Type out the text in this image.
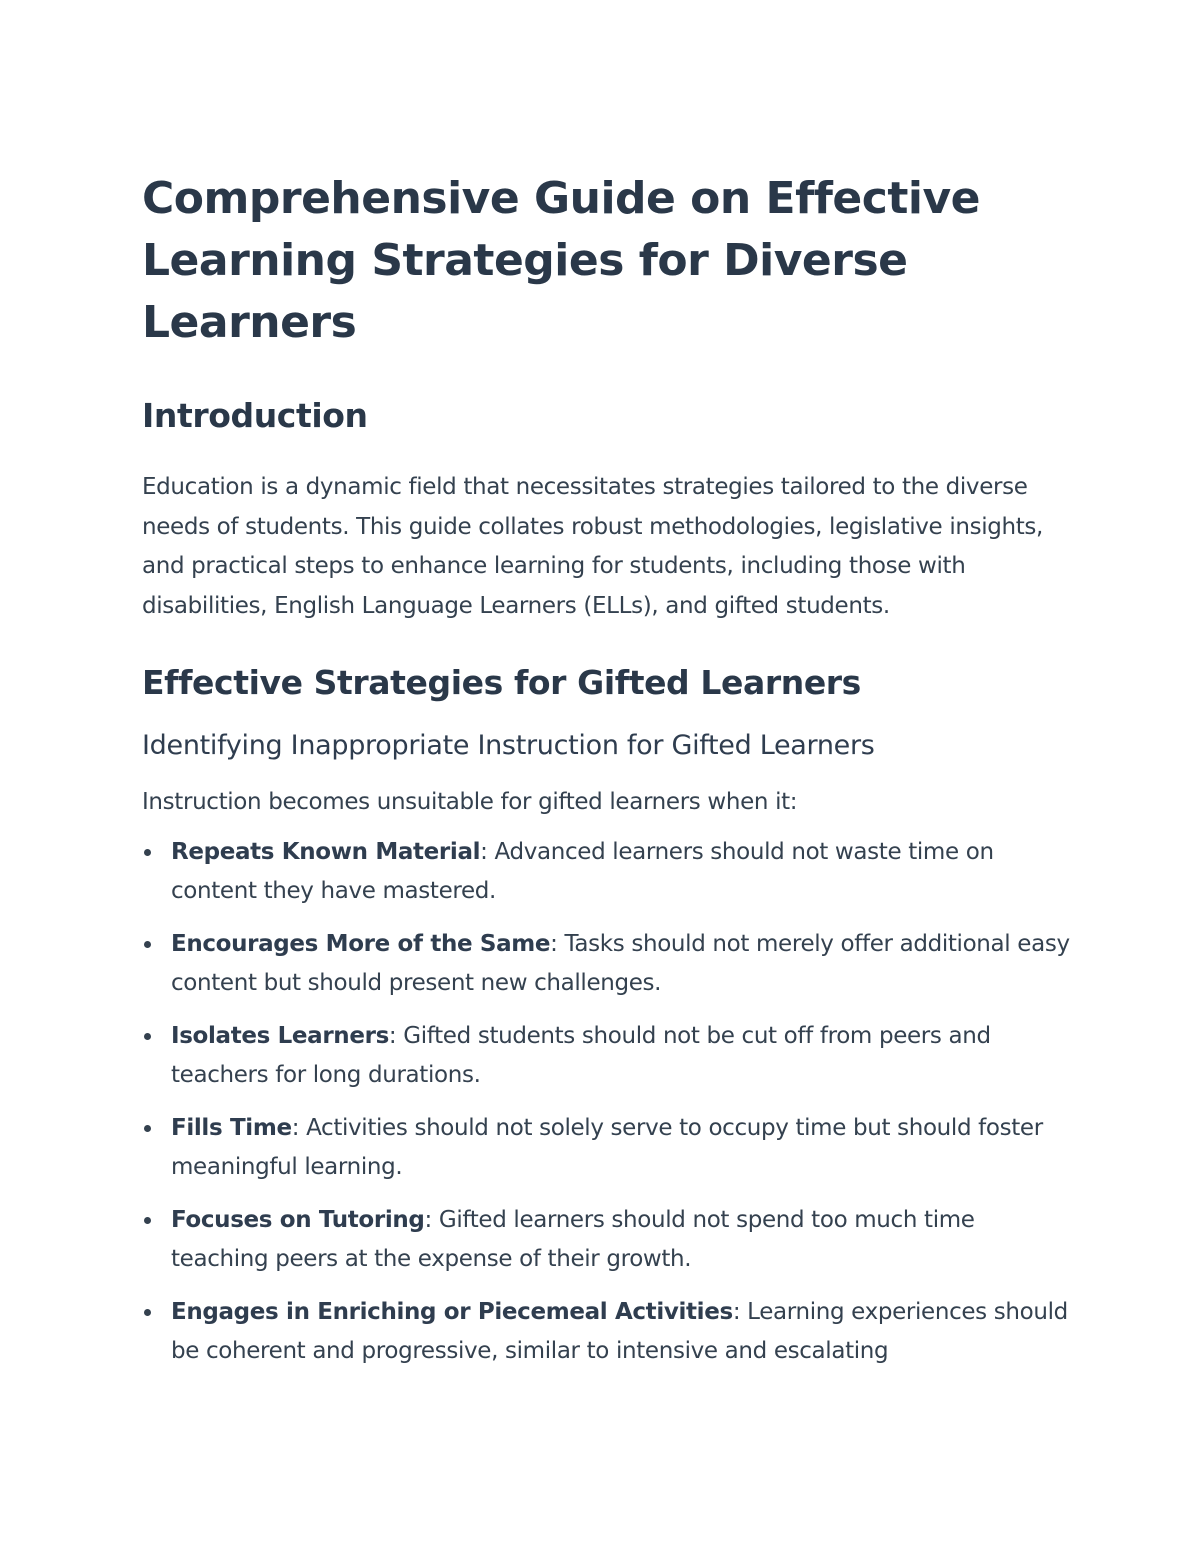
Comprehensive Guide on Effective Learning Strategies for Diverse Learners
Introduction

Education is a dynamic field that necessitates strategies tailored to the diverse needs of students. This guide collates robust methodologies, legislative insights, and practical steps to enhance learning for students, including those with disabilities, English Language Learners (ELLs), and gifted students.

Effective Strategies for Gifted Learners
Identifying Inappropriate Instruction for Gifted Learners

Instruction becomes unsuitable for gifted learners when it:

Repeats Known Material: Advanced learners should not waste time on content they have mastered.
Encourages More of the Same: Tasks should not merely offer additional easy content but should present new challenges.
Isolates Learners: Gifted students should not be cut off from peers and teachers for long durations.
Fills Time: Activities should not solely serve to occupy time but should foster meaningful learning.
Focuses on Tutoring: Gifted learners should not spend too much time teaching peers at the expense of their growth.
Engages in Enriching or Piecemeal Activities: Learning experiences should be coherent and progressive, similar to intensive and escalating
